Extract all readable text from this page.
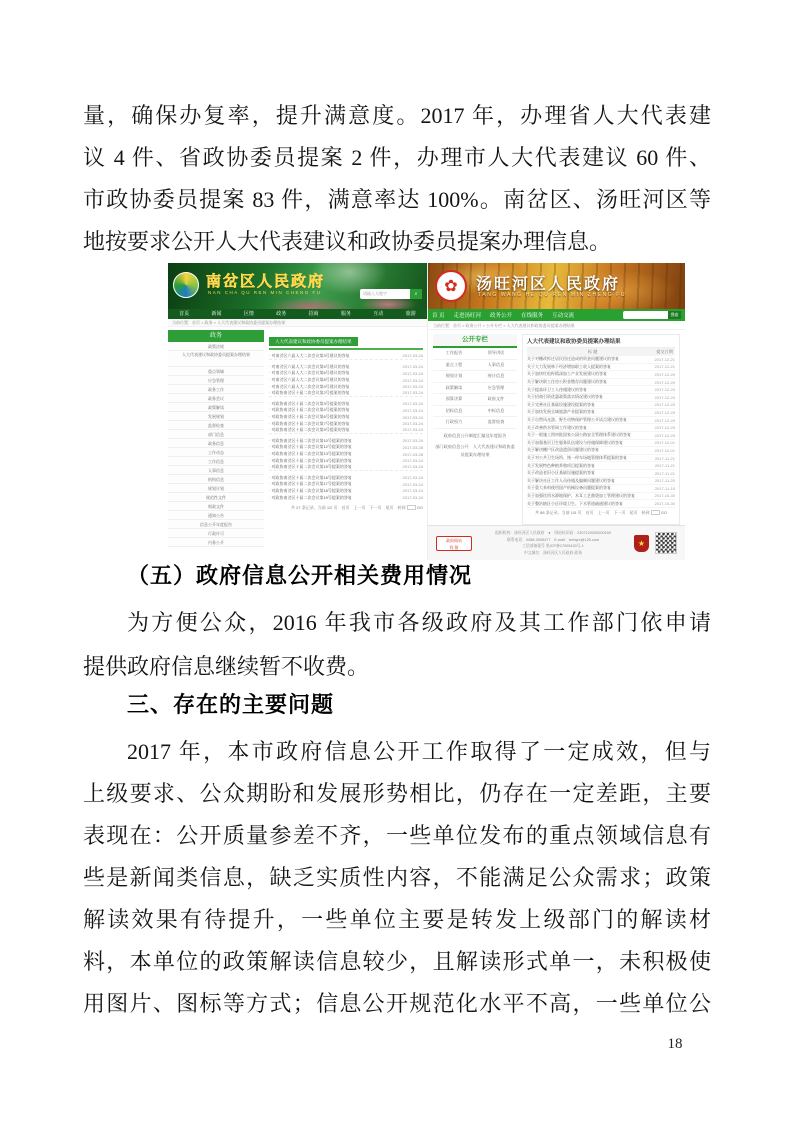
量，确保办复率，提升满意度。2017 年，办理省人大代表建
议 4 件、省政协委员提案 2 件，办理市人大代表建议 60 件、
市政协委员提案 83 件，满意率达 100%。南岔区、汤旺河区等
地按要求公开人大代表建议和政协委员提案办理信息。
南岔区人民政府
NAN CHA QU REN MIN CHENG FU	请输入关键字	⌕
首页	新闻	区情	政务	招商	服务	互动	旅游
当前位置：首页 > 政务 > 人大代表建议和政协委员提案办理结果
政务
政策法规
人大代表建议和政协委员提案办理结果
重点领域
应急管理
政务工作
政务会议
政策解读
发展规划
监督检查
部门信息
政务信息
工作动态
工作信息
人事信息
机构信息
规划计划
规范性文件
财政文件
通知公告
信息公开年度报告
行政许可
内务公开
人大代表建议和政协委员提案办理结果
· 对南岔区六届人大二次会议第3号建议的答复	2017-03-24
· 对南岔区六届人大二次会议第5号建议的答复	2017-03-24
· 对南岔区六届人大二次会议第6号建议的答复	2017-03-24
· 对南岔区六届人大二次会议第8号建议的答复	2017-03-24
· 对南岔区六届人大二次会议第9号建议的答复	2017-03-24
· 对政协南岔区十届二次会议第2号提案的答复	2017-03-24
· 对政协南岔区十届二次会议第3号提案的答复	2017-03-24
· 对政协南岔区十届二次会议第4号提案的答复	2017-03-24
· 对政协南岔区十届二次会议第6号提案的答复	2017-03-24
· 对政协南岔区十届二次会议第7号提案的答复	2017-03-24
· 对政协南岔区十届二次会议第9号提案的答复	2017-03-24
· 对政协南岔区十届二次会议第10号提案的答复	2017-03-24
· 对政协南岔区十届二次会议第12号提案的答复	2017-03-28
· 对政协南岔区十届二次会议第13号提案的答复	2017-03-28
· 对政协南岔区十届二次会议第14号提案的答复	2017-03-24
· 对政协南岔区十届二次会议第15号提案的答复	2017-03-24
· 对政协南岔区十届二次会议第16号提案的答复	2017-03-24
· 对政协南岔区十届二次会议第17号提案的答复	2017-03-24
· 对政协南岔区十届二次会议第18号提案的答复	2017-03-24
· 对政协南岔区十届二次会议第19号提案的答复	2017-03-24
共 27 条记录，当前 1/2 页　首页　上一页　下一页　尾页　转到	GO
✿	汤旺河区人民政府
TANG WANG HE QU REN MIN ZHENG FU
首 页 走进汤旺河 政务公开 在线服务 互动交流	搜索
当前位置：首页 > 政务公开 > 公开专栏 > 人大代表建议和政协委员提案办理结果
公开专栏
工作报告	领导讲话
重点工程	人事信息
规划计划	统计信息
政策解读	应急管理
预算决算	政府文件
招标信息	中标信息
行政权力	监督检查
政府信息公开制度汇编及年度报告
部门政府信息公开　人大代表建议和政协委员提案办理结果
人大代表建议和政协委员提案办理结果
标 题	提交日期
关于对棚改拆迁居民回迁造成的资金问题建议的答复	2017-12-21
关于大力发展林下经济增加职工收入提案的答复	2017-12-21
关于加快红松籽精深加工产业发展建议的答复	2017-12-20
关于解决职工住房公积金缴存问题建议的答复	2017-12-20
关于提高环卫工人待遇建议的答复	2017-12-20
关于招商引资优惠政策落实情况建议的答复	2017-12-20
关于完善社区基础设施建设提案的答复	2017-12-20
关于加快发展全域旅游产业提案的答复	2017-12-20
关于自然风光游、野生动物保护管理公开试点建议的答复	2017-12-20
关于改善供水管网工作建议的答复	2017-12-20
关于一般施工图审批国家公园公路安全管理体系建议的答复	2017-12-20
关于加强基层卫生服务队伍建设与待遇保障建议的答复	2017-12-01
关于解决棚户区改造遗留问题建议的答复	2017-12-01
关于对公共卫生场所、统一停车场地管理体系提案的答复	2017-11-21
关于发展特色种植养殖项目提案的答复	2017-11-21
关于改造老旧小区基础设施提案的答复	2017-11-21
关于解决社区工作人员待遇及编制问题建议的答复	2017-11-20
关于重大来料使用国产机械设备问题提案的答复	2017-11-15
关于加强饮用水源地保护、木耳工艺菌袋加工管理建议的答复	2017-10-30
关于整治辖区小区环境卫生、下水管道疏通建议的答复	2017-10-30
共 88 条记录，当前 1/5 页　首页　上一页　下一页　尾页　转到	GO
政府网站
找 错
组织机构：汤旺河区人民政府　●　网站标识码：2307120200000150
联系电话：0458-3535477　E-mail：twhqzx@126.com
工信部备案号 黑ICP备17005430号-1
中文域名：汤旺河区人民政府.政务
★
（五）政府信息公开相关费用情况
为方便公众，2016 年我市各级政府及其工作部门依申请
提供政府信息继续暂不收费。
三、存在的主要问题
2017 年，本市政府信息公开工作取得了一定成效，但与
上级要求、公众期盼和发展形势相比，仍存在一定差距，主要
表现在：公开质量参差不齐，一些单位发布的重点领域信息有
些是新闻类信息，缺乏实质性内容，不能满足公众需求；政策
解读效果有待提升，一些单位主要是转发上级部门的解读材
料，本单位的政策解读信息较少，且解读形式单一，未积极使
用图片、图标等方式；信息公开规范化水平不高，一些单位公
18
